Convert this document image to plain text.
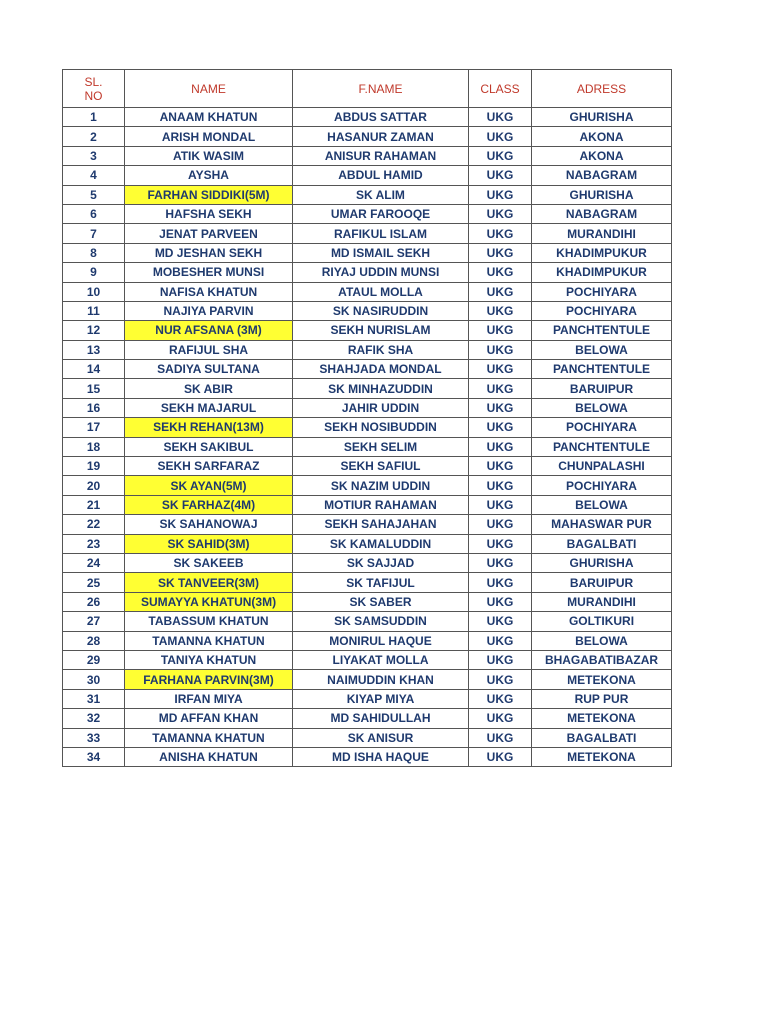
SL.
NO	NAME	F.NAME	CLASS	ADRESS
1	ANAAM KHATUN	ABDUS SATTAR	UKG	GHURISHA
2	ARISH MONDAL	HASANUR ZAMAN	UKG	AKONA
3	ATIK WASIM	ANISUR RAHAMAN	UKG	AKONA
4	AYSHA	ABDUL HAMID	UKG	NABAGRAM
5	FARHAN SIDDIKI(5M)	SK ALIM	UKG	GHURISHA
6	HAFSHA SEKH	UMAR FAROOQE	UKG	NABAGRAM
7	JENAT PARVEEN	RAFIKUL ISLAM	UKG	MURANDIHI
8	MD JESHAN SEKH	MD ISMAIL SEKH	UKG	KHADIMPUKUR
9	MOBESHER MUNSI	RIYAJ UDDIN MUNSI	UKG	KHADIMPUKUR
10	NAFISA KHATUN	ATAUL MOLLA	UKG	POCHIYARA
11	NAJIYA PARVIN	SK NASIRUDDIN	UKG	POCHIYARA
12	NUR AFSANA (3M)	SEKH NURISLAM	UKG	PANCHTENTULE
13	RAFIJUL SHA	RAFIK SHA	UKG	BELOWA
14	SADIYA SULTANA	SHAHJADA MONDAL	UKG	PANCHTENTULE
15	SK ABIR	SK MINHAZUDDIN	UKG	BARUIPUR
16	SEKH MAJARUL	JAHIR UDDIN	UKG	BELOWA
17	SEKH REHAN(13M)	SEKH NOSIBUDDIN	UKG	POCHIYARA
18	SEKH SAKIBUL	SEKH SELIM	UKG	PANCHTENTULE
19	SEKH SARFARAZ	SEKH SAFIUL	UKG	CHUNPALASHI
20	SK AYAN(5M)	SK NAZIM UDDIN	UKG	POCHIYARA
21	SK FARHAZ(4M)	MOTIUR RAHAMAN	UKG	BELOWA
22	SK SAHANOWAJ	SEKH SAHAJAHAN	UKG	MAHASWAR PUR
23	SK SAHID(3M)	SK KAMALUDDIN	UKG	BAGALBATI
24	SK SAKEEB	SK SAJJAD	UKG	GHURISHA
25	SK TANVEER(3M)	SK TAFIJUL	UKG	BARUIPUR
26	SUMAYYA KHATUN(3M)	SK SABER	UKG	MURANDIHI
27	TABASSUM KHATUN	SK SAMSUDDIN	UKG	GOLTIKURI
28	TAMANNA KHATUN	MONIRUL HAQUE	UKG	BELOWA
29	TANIYA KHATUN	LIYAKAT MOLLA	UKG	BHAGABATIBAZAR
30	FARHANA PARVIN(3M)	NAIMUDDIN KHAN	UKG	METEKONA
31	IRFAN MIYA	KIYAP MIYA	UKG	RUP PUR
32	MD AFFAN KHAN	MD SAHIDULLAH	UKG	METEKONA
33	TAMANNA KHATUN	SK ANISUR	UKG	BAGALBATI
34	ANISHA KHATUN	MD ISHA HAQUE	UKG	METEKONA
